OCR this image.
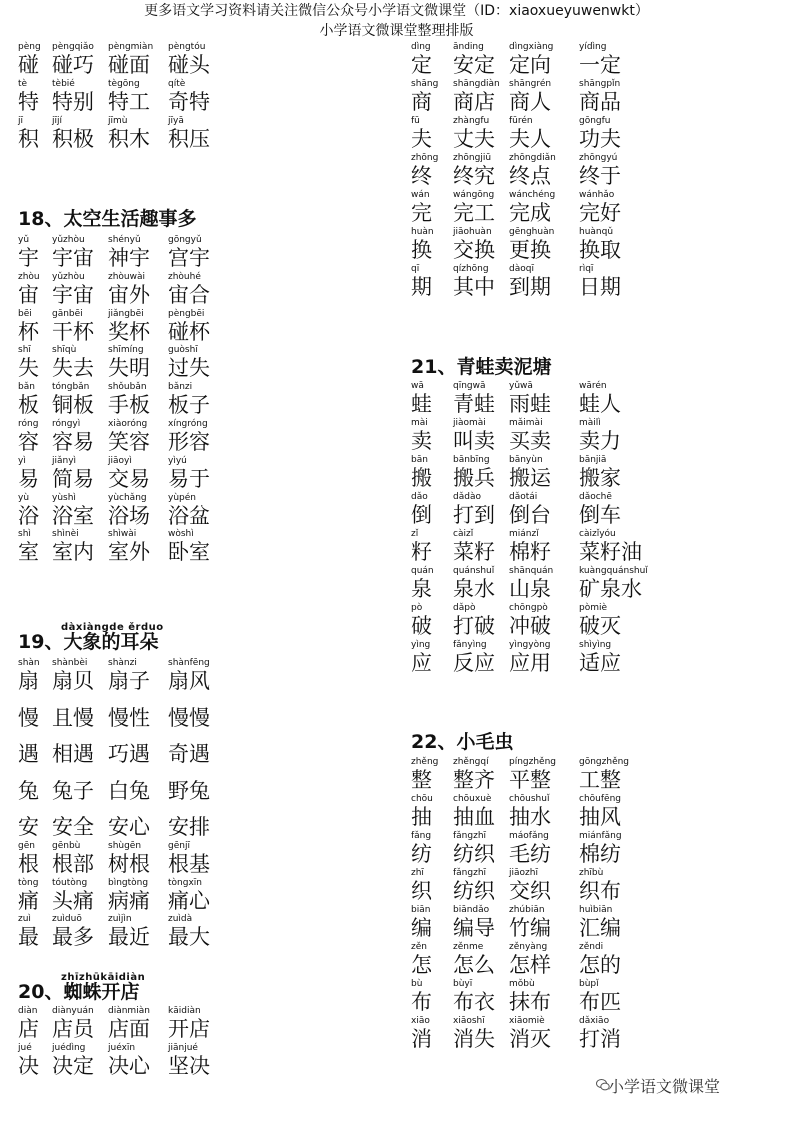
更多语文学习资料请关注微信公众号小学语文微课堂（ID：xiaoxueyuwenwkt）
小学语文微课堂整理排版
18、太空生活趣事多
dàxiàngde ěrduo
19、大象的耳朵
zhīzhūkāidiàn
20、蜘蛛开店
pèng
碰
pèngqiǎo
碰巧
pèngmiàn
碰面
pèngtóu
碰头
tè
特
tèbié
特别
tègōng
特工
qítè
奇特
jī
积
jījí
积极
jīmù
积木
jīyā
积压
yǔ
宇
yǔzhòu
宇宙
shényǔ
神宇
gōngyǔ
宫宇
zhòu
宙
yǔzhòu
宇宙
zhòuwài
宙外
zhòuhé
宙合
bēi
杯
gānbēi
干杯
jiǎngbēi
奖杯
pèngbēi
碰杯
shī
失
shīqù
失去
shīmíng
失明
guòshī
过失
bǎn
板
tóngbǎn
铜板
shǒubǎn
手板
bǎnzi
板子
róng
容
róngyì
容易
xiàoróng
笑容
xíngróng
形容
yì
易
jiǎnyì
简易
jiāoyì
交易
yìyú
易于
yù
浴
yùshì
浴室
yùchǎng
浴场
yùpén
浴盆
shì
室
shìnèi
室内
shìwài
室外
wòshì
卧室
shàn
扇
shànbèi
扇贝
shànzi
扇子
shànfēng
扇风
慢 且慢 慢性 慢慢
遇 相遇 巧遇 奇遇
兔 兔子 白兔 野兔
安 安全 安心 安排
gēn
根
gēnbù
根部
shùgēn
树根
gēnjī
根基
tòng
痛
tóutòng
头痛
bìngtòng
病痛
tòngxīn
痛心
zuì
最
zuìduō
最多
zuìjìn
最近
zuìdà
最大
diàn
店
diànyuán
店员
diànmiàn
店面
kāidiàn
开店
jué
决
juédìng
决定
juéxīn
决心
jiānjué
坚决
21、青蛙卖泥塘
22、小毛虫
dìng
定
ānding
安定
dìngxiàng
定向
yídìng
一定
shāng
商
shāngdiàn
商店
shāngrén
商人
shāngpǐn
商品
fū
夫
zhàngfu
丈夫
fūrén
夫人
gōngfu
功夫
zhōng
终
zhōngjiū
终究
zhōngdiǎn
终点
zhōngyú
终于
wán
完
wángōng
完工
wánchéng
完成
wánhǎo
完好
huàn
换
jiāohuàn
交换
gēnghuàn
更换
huànqǔ
换取
qī
期
qízhōng
其中
dàoqī
到期
rìqī
日期
wā
蛙
qīngwā
青蛙
yǔwā
雨蛙
wārén
蛙人
mài
卖
jiàomài
叫卖
mǎimài
买卖
màilì
卖力
bān
搬
bānbīng
搬兵
bānyùn
搬运
bānjiā
搬家
dǎo
倒
dǎdào
打到
dǎotái
倒台
dǎochē
倒车
zǐ
籽
càizǐ
菜籽
miánzǐ
棉籽
càizǐyóu
菜籽油
quán
泉
quánshuǐ
泉水
shānquán
山泉
kuàngquánshuǐ
矿泉水
pò
破
dǎpò
打破
chōngpò
冲破
pòmiè
破灭
yìng
应
fǎnyìng
反应
yìngyòng
应用
shìyìng
适应
zhěng
整
zhěngqí
整齐
píngzhěng
平整
gōngzhěng
工整
chōu
抽
chōuxuè
抽血
chōushuǐ
抽水
chōufēng
抽风
fǎng
纺
fǎngzhī
纺织
máofǎng
毛纺
miánfǎng
棉纺
zhī
织
fǎngzhī
纺织
jiāozhī
交织
zhībù
织布
biān
编
biāndǎo
编导
zhúbiān
竹编
huìbiān
汇编
zěn
怎
zěnme
怎么
zěnyàng
怎样
zěndi
怎的
bù
布
bùyī
布衣
mǒbù
抹布
bùpǐ
布匹
xiāo
消
xiāoshī
消失
xiāomiè
消灭
dǎxiāo
打消
小学语文微课堂
